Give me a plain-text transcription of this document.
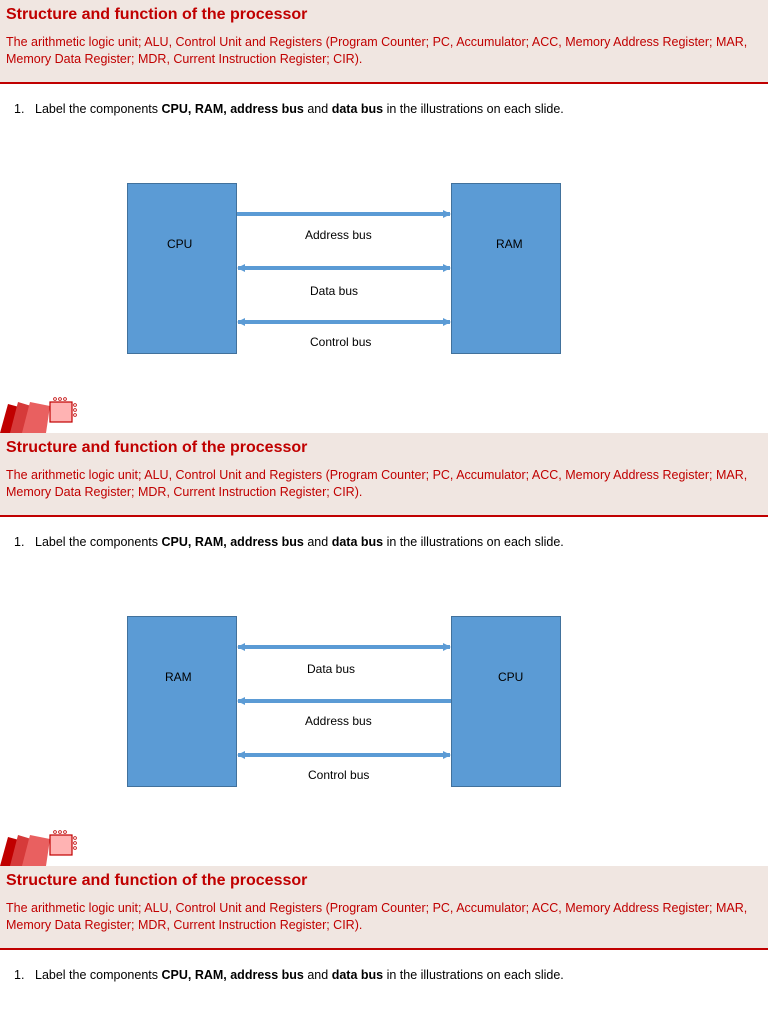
Structure and function of the processor
The arithmetic logic unit; ALU, Control Unit and Registers (Program Counter; PC, Accumulator; ACC, Memory Address Register; MAR, Memory Data Register; MDR, Current Instruction Register; CIR).
1. Label the components CPU, RAM, address bus and data bus in the illustrations on each slide.
CPU	RAM
Address bus
Data bus
Control bus
Structure and function of the processor
The arithmetic logic unit; ALU, Control Unit and Registers (Program Counter; PC, Accumulator; ACC, Memory Address Register; MAR, Memory Data Register; MDR, Current Instruction Register; CIR).
1. Label the components CPU, RAM, address bus and data bus in the illustrations on each slide.
RAM	CPU
Data bus
Address bus
Control bus
Structure and function of the processor
The arithmetic logic unit; ALU, Control Unit and Registers (Program Counter; PC, Accumulator; ACC, Memory Address Register; MAR, Memory Data Register; MDR, Current Instruction Register; CIR).
1. Label the components CPU, RAM, address bus and data bus in the illustrations on each slide.
